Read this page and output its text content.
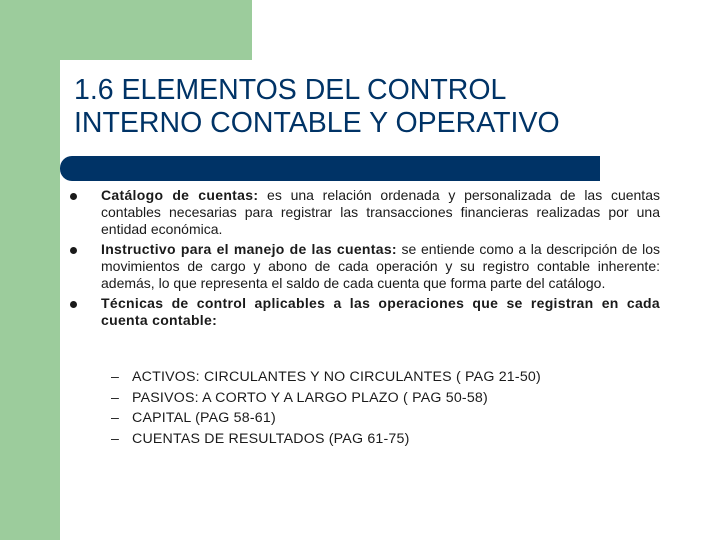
1.6 ELEMENTOS DEL CONTROL
INTERNO CONTABLE Y OPERATIVO
Catálogo de cuentas: es una relación ordenada y personalizada de las cuentas contables necesarias para registrar las transacciones financieras realizadas por una entidad económica.
Instructivo para el manejo de las cuentas: se entiende como a la descripción de los movimientos de cargo y abono de cada operación y su registro contable inherente: además, lo que representa el saldo de cada cuenta que forma parte del catálogo.
Técnicas de control aplicables a las operaciones que se registran en cada cuenta contable:
– ACTIVOS: CIRCULANTES Y NO CIRCULANTES ( PAG 21-50)
– PASIVOS: A CORTO Y A LARGO PLAZO ( PAG 50-58)
– CAPITAL (PAG 58-61)
– CUENTAS DE RESULTADOS (PAG 61-75)
